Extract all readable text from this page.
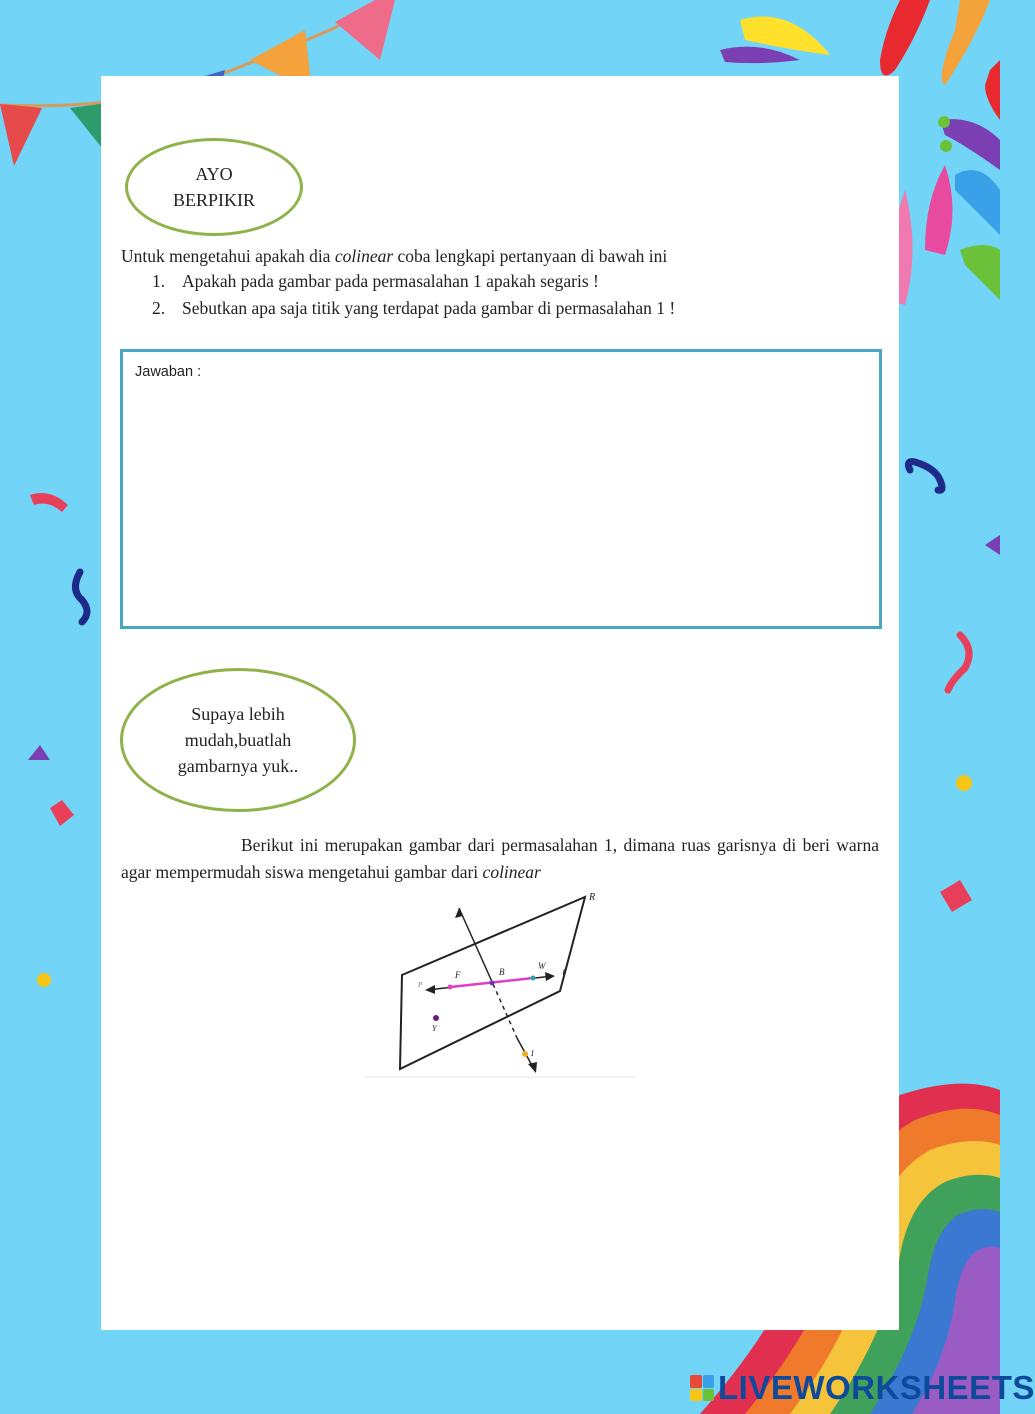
AYO
BERPIKIR
Untuk mengetahui apakah dia colinear coba lengkapi pertanyaan di bawah ini
1. Apakah pada gambar pada permasalahan 1 apakah segaris !
2. Sebutkan apa saja titik yang terdapat pada gambar di permasalahan 1 !
Jawaban :
Supaya lebih
mudah,buatlah
gambarnya yuk..
Berikut ini merupakan gambar dari permasalahan 1, dimana ruas garisnya di beri warna agar mempermudah siswa mengetahui gambar dari colinear
R
P
F	B
W
ℓ
Y
I
LIVEWORKSHEETS
